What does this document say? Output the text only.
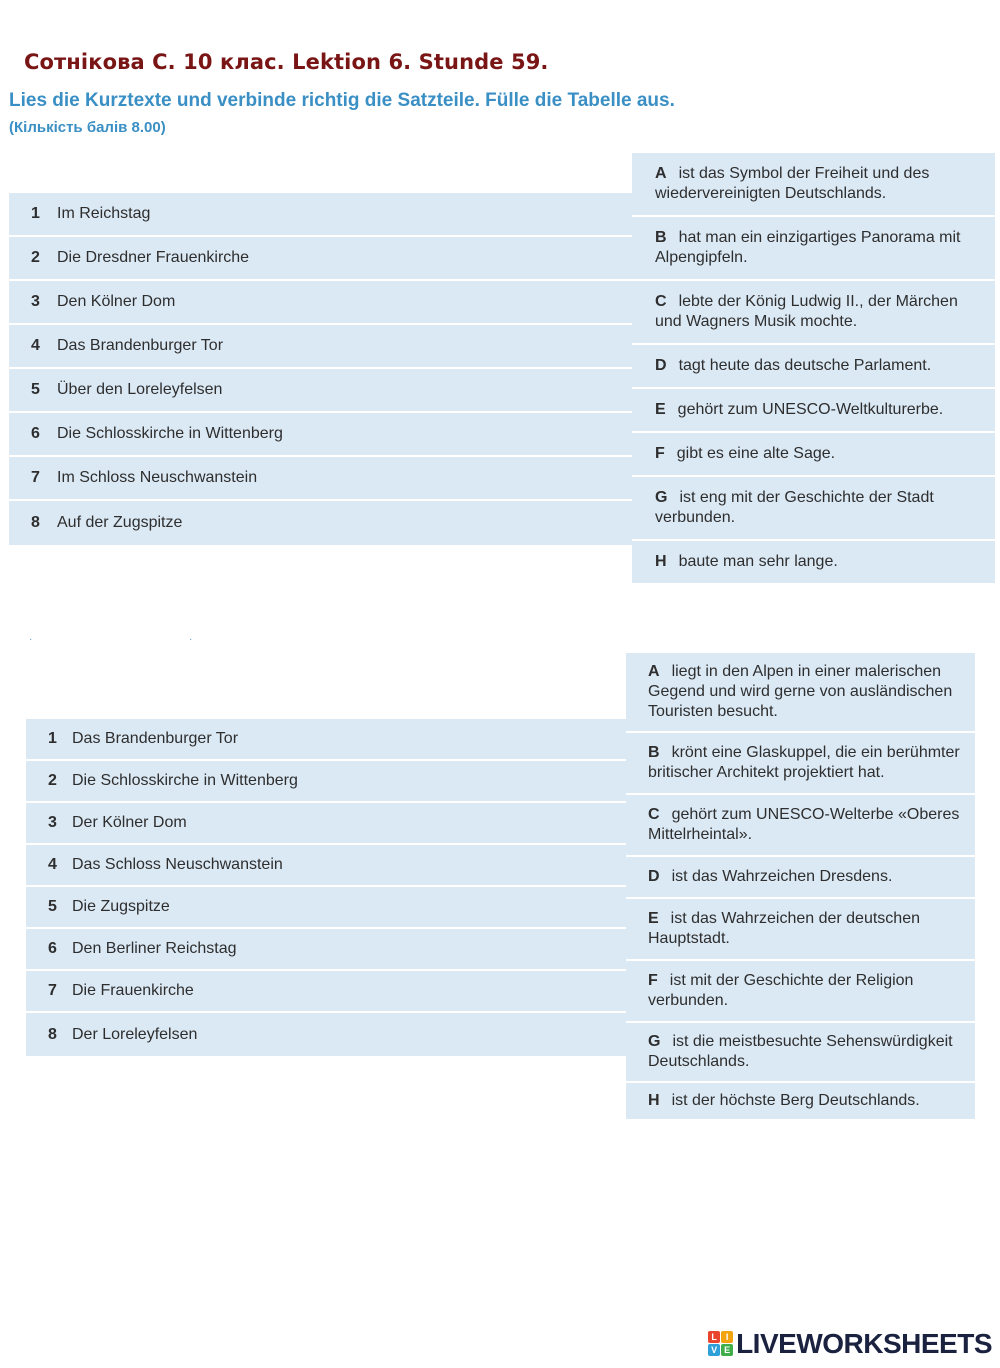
Сотнікова С. 10 клас. Lektion 6. Stunde 59.
Lies die Kurztexte und verbinde richtig die Satzteile. Fülle die Tabelle aus.
(Кількість балів 8.00)
1	Im Reichstag
2	Die Dresdner Frauenkirche
3	Den Kölner Dom
4	Das Brandenburger Tor
5	Über den Loreleyfelsen
6	Die Schlosskirche in Wittenberg
7	Im Schloss Neuschwanstein
8	Auf der Zugspitze
A ist das Symbol der Freiheit und des wiedervereinigten Deutschlands.
B hat man ein einzigartiges Panorama mit Alpengipfeln.
C lebte der König Ludwig II., der Märchen und Wagners Musik mochte.
D tagt heute das deutsche Parlament.
E gehört zum UNESCO-Weltkulturerbe.
F gibt es eine alte Sage.
G ist eng mit der Geschichte der Stadt verbunden.
H baute man sehr lange.
·	·
1 Das Brandenburger Tor
2 Die Schlosskirche in Wittenberg
3 Der Kölner Dom
4 Das Schloss Neuschwanstein
5 Die Zugspitze
6 Den Berliner Reichstag
7 Die Frauenkirche
8 Der Loreleyfelsen
A liegt in den Alpen in einer malerischen Gegend und wird gerne von ausländischen Touristen besucht.
B krönt eine Glaskuppel, die ein berühmter britischer Architekt projektiert hat.
C gehört zum UNESCO-Welterbe «Oberes Mittelrheintal».
D ist das Wahrzeichen Dresdens.
E ist das Wahrzeichen der deutschen Hauptstadt.
F ist mit der Geschichte der Religion verbunden.
G ist die meistbesuchte Sehenswürdigkeit Deutschlands.
H ist der höchste Berg Deutschlands.
L I
V E LIVEWORKSHEETS
